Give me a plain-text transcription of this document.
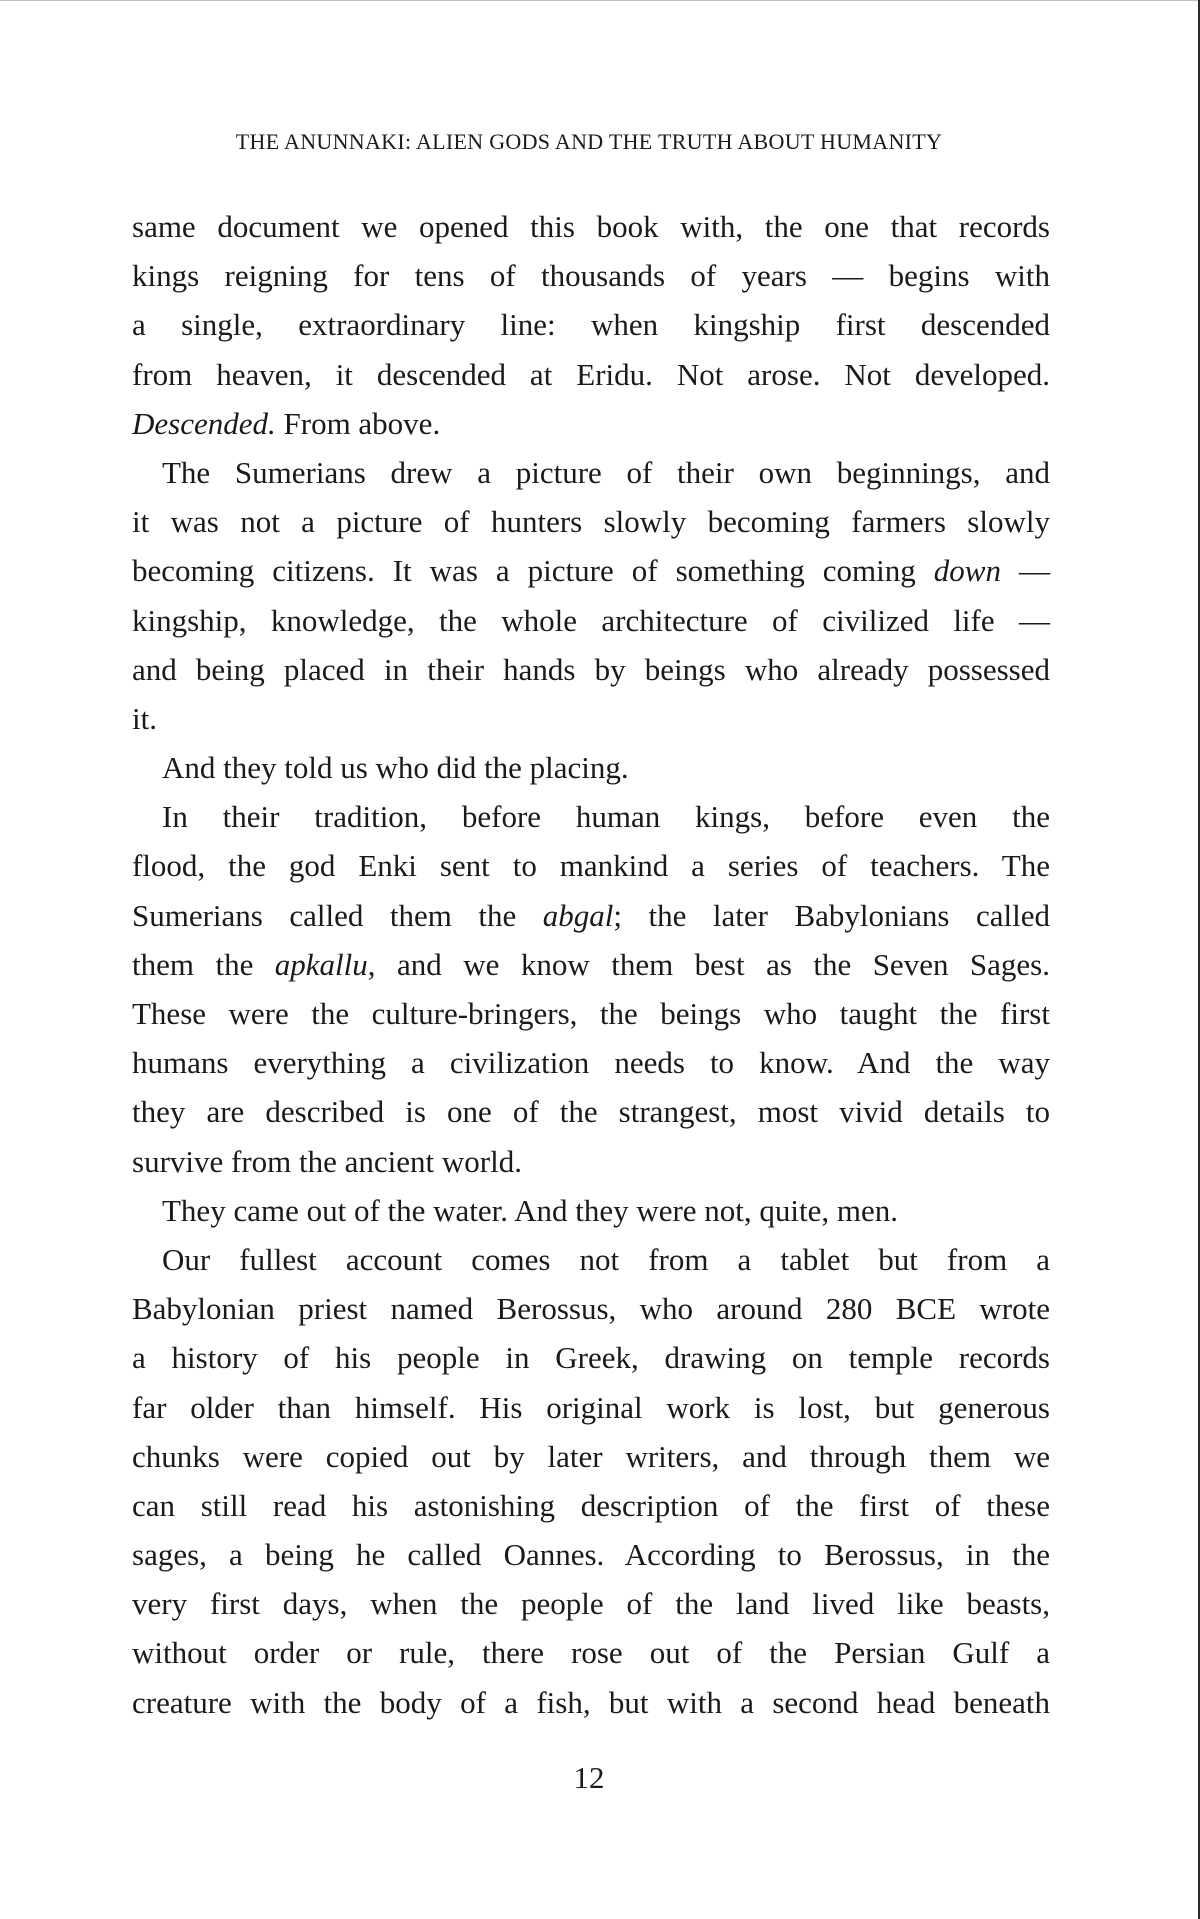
THE ANUNNAKI: ALIEN GODS AND THE TRUTH ABOUT HUMANITY
same document we opened this book with, the one that records
kings reigning for tens of thousands of years — begins with
a single, extraordinary line: when kingship first descended
from heaven, it descended at Eridu. Not arose. Not developed.
Descended. From above.
The Sumerians drew a picture of their own beginnings, and
it was not a picture of hunters slowly becoming farmers slowly
becoming citizens. It was a picture of something coming down —
kingship, knowledge, the whole architecture of civilized life —
and being placed in their hands by beings who already possessed
it.
And they told us who did the placing.
In their tradition, before human kings, before even the
flood, the god Enki sent to mankind a series of teachers. The
Sumerians called them the abgal; the later Babylonians called
them the apkallu, and we know them best as the Seven Sages.
These were the culture-bringers, the beings who taught the first
humans everything a civilization needs to know. And the way
they are described is one of the strangest, most vivid details to
survive from the ancient world.
They came out of the water. And they were not, quite, men.
Our fullest account comes not from a tablet but from a
Babylonian priest named Berossus, who around 280 BCE wrote
a history of his people in Greek, drawing on temple records
far older than himself. His original work is lost, but generous
chunks were copied out by later writers, and through them we
can still read his astonishing description of the first of these
sages, a being he called Oannes. According to Berossus, in the
very first days, when the people of the land lived like beasts,
without order or rule, there rose out of the Persian Gulf a
creature with the body of a fish, but with a second head beneath
12
